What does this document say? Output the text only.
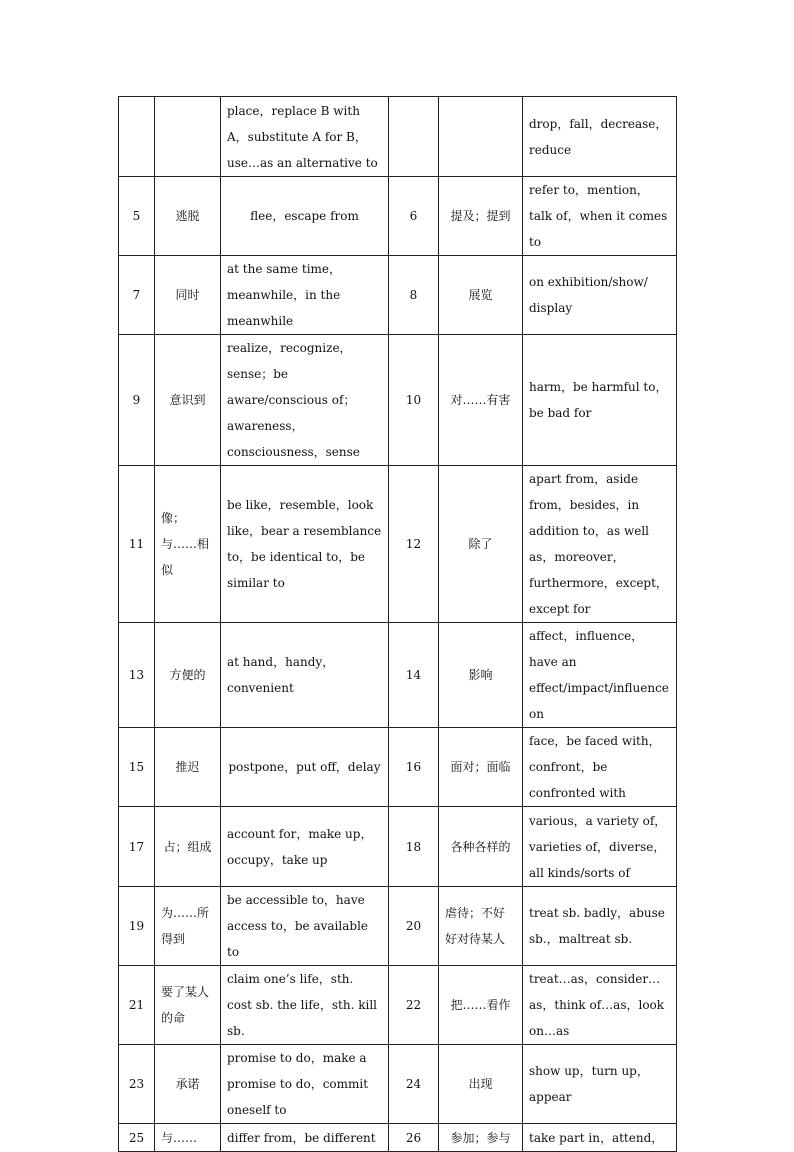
		place，replace B with A，substitute A for B，use…as an alternative to			drop，fall，decrease，reduce
5	逃脱	flee，escape from	6	提及；提到	refer to，mention，talk of，when it comes to
7	同时	at the same time，meanwhile，in the meanwhile	8	展览	on exhibition/show/ display
9	意识到	realize，recognize，sense；be aware/conscious of；awareness，consciousness，sense	10	对……有害	harm，be harmful to，be bad for
11	像；与……相似	be like，resemble，look like，bear a resemblance to，be identical to，be similar to	12	除了	apart from，aside from，besides，in addition to，as well as，moreover，furthermore，except，except for
13	方便的	at hand，handy，convenient	14	影响	affect，influence，have an effect/impact/influence on
15	推迟	postpone，put off，delay	16	面对；面临	face，be faced with，confront，be confronted with
17	占；组成	account for，make up，occupy，take up	18	各种各样的	various，a variety of，varieties of，diverse，all kinds/sorts of
19	为……所得到	be accessible to，have access to，be available to	20	虐待；不好好对待某人	treat sb. badly，abuse sb.，maltreat sb.
21	要了某人的命	claim one’s life，sth. cost sb. the life，sth. kill sb.	22	把……看作	treat…as，consider…as，think of…as，look on…as
23	承诺	promise to do，make a promise to do，commit oneself to	24	出现	show up，turn up，appear
25	与……	differ from，be different	26	参加；参与	take part in，attend，
